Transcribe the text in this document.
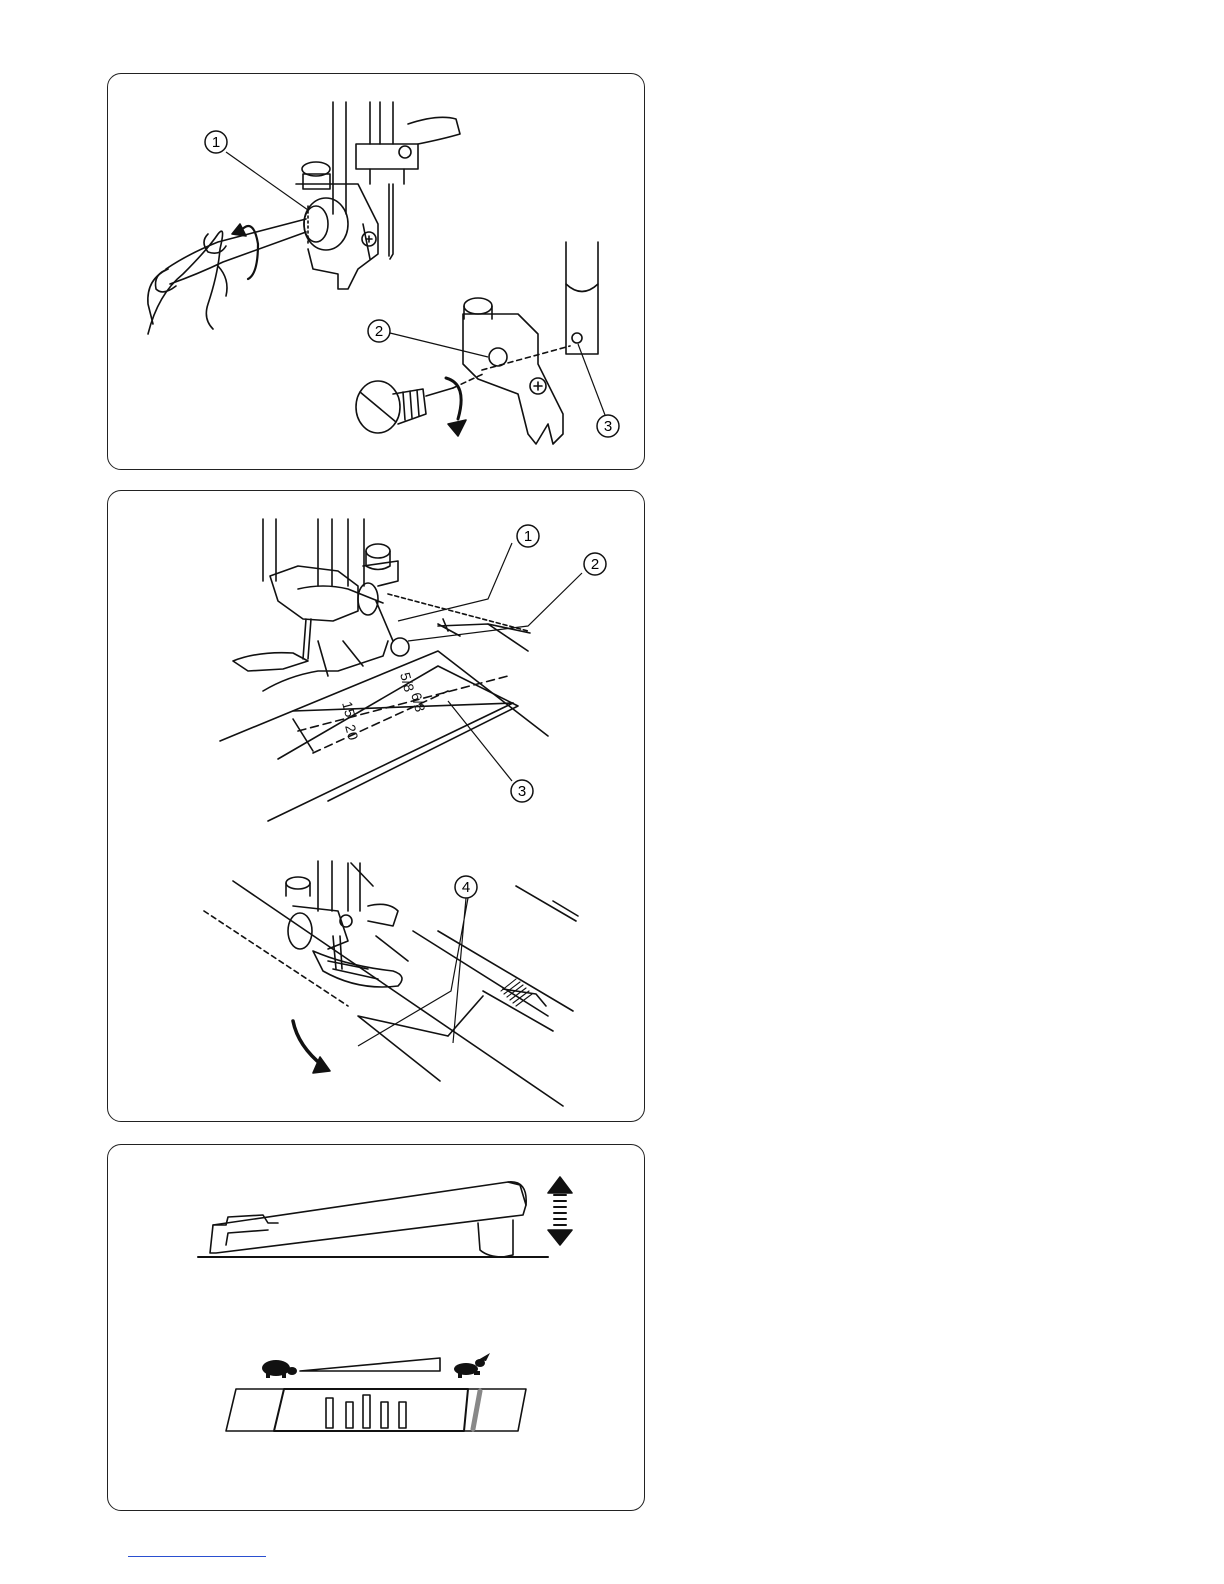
1
2
3
5/8
6/8
15
20
1
2
3
4
